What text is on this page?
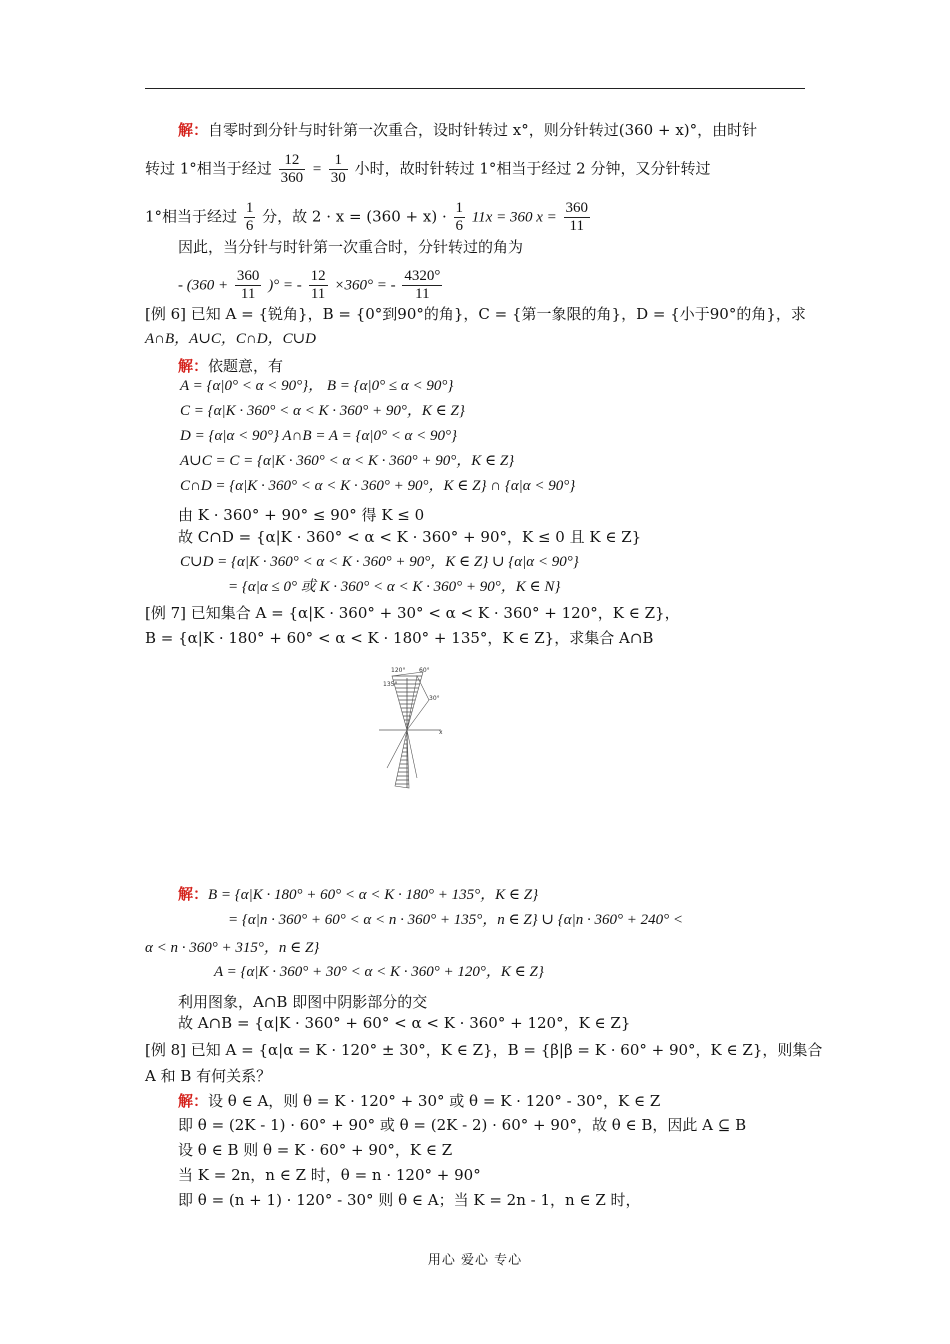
解：自零时到分针与时针第一次重合，设时针转过 x°，则分针转过(360 + x)°，由时针
转过 1°相当于经过 $\frac{12}{360} = \frac{1}{30}$ 小时，故时针转过 1°相当于经过 2 分钟，又分针转过
1°相当于经过 $\frac{1}{6}$ 分，故 $2 \cdot x = (360 + x) \cdot \frac{1}{6} 11x = 360$ $x = \frac{360}{11}$
因此，当分针与时针第一次重合时，分针转过的角为
- ($360 + \frac{360}{11}$ )° = - $\frac{12}{11} \times 360^\circ$ = - $\frac{4320^\circ}{11}$
[例 6] 已知 A = {锐角}，B = {0°到90°的角}，C = {第一象限的角}，D = {小于90°的角}，求
A∩B，A∪C，C∩D，C∪D
解：依题意，有
A = {α|0° < α < 90°}， B = {α|0° ≤ α < 90°}
C = {α|K · 360° < α < K · 360° + 90°，K ∈ Z}
D = {α|α < 90°} A∩B = A = {α|0° < α < 90°}
A∪C = C = {α|K · 360° < α < K · 360° + 90°，K ∈ Z}
C∩D = {α|K · 360° < α < K · 360° + 90°，K ∈ Z} ∩ {α|α < 90°}
由 K · 360° + 90° ≤ 90° 得 K ≤ 0
故 C∩D = {α|K · 360° < α < K · 360° + 90°，K ≤ 0 且 K ∈ Z}
C∪D = {α|K · 360° < α < K · 360° + 90°，K ∈ Z} ∪ {α|α < 90°}
= {α|α ≤ 0° 或 K · 360° < α < K · 360° + 90°，K ∈ N}
[例 7] 已知集合 A = {α|K · 360° + 30° < α < K · 360° + 120°，K ∈ Z}，
B = {α|K · 180° + 60° < α < K · 180° + 135°，K ∈ Z}，求集合 A∩B
120°
135°
60°
30°
x
解：B = {α|K · 180° + 60° < α < K · 180° + 135°，K ∈ Z}
= {α|n · 360° + 60° < α < n · 360° + 135°，n ∈ Z} ∪ {α|n · 360° + 240° <
α < n · 360° + 315°，n ∈ Z}
A = {α|K · 360° + 30° < α < K · 360° + 120°，K ∈ Z}
利用图象，A∩B 即图中阴影部分的交
故 A∩B = {α|K · 360° + 60° < α < K · 360° + 120°，K ∈ Z}
[例 8] 已知 A = {α|α = K · 120° ± 30°，K ∈ Z}，B = {β|β = K · 60° + 90°，K ∈ Z}，则集合
A 和 B 有何关系？
解：设 θ ∈ A，则 θ = K · 120° + 30° 或 θ = K · 120° - 30°，K ∈ Z
即 θ = (2K - 1) · 60° + 90° 或 θ = (2K - 2) · 60° + 90°，故 θ ∈ B，因此 A ⊆ B
设 θ ∈ B 则 θ = K · 60° + 90°，K ∈ Z
当 K = 2n，n ∈ Z 时，θ = n · 120° + 90°
即 θ = (n + 1) · 120° - 30° 则 θ ∈ A；当 K = 2n - 1，n ∈ Z 时，
用心 爱心 专心
